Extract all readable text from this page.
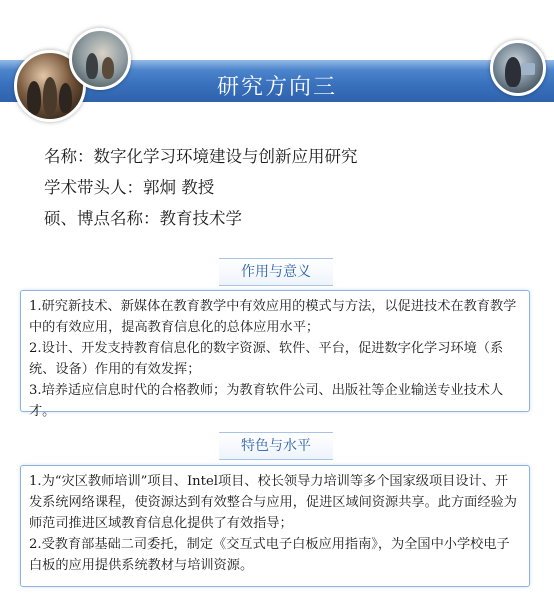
研究方向三
名称：数字化学习环境建设与创新应用研究
学术带头人：郭炯 教授
硕、博点名称：教育技术学
作用与意义

1.研究新技术、新媒体在教育教学中有效应用的模式与方法，以促进技术在教育教学中的有效应用，提高教育信息化的总体应用水平；

2.设计、开发支持教育信息化的数字资源、软件、平台，促进数字化学习环境（系统、设备）作用的有效发挥；

3.培养适应信息时代的合格教师；为教育软件公司、出版社等企业输送专业技术人才。

特色与水平

1.为“灾区教师培训”项目、Intel项目、校长领导力培训等多个国家级项目设计、开发系统网络课程，使资源达到有效整合与应用，促进区域间资源共享。此方面经验为师范司推进区域教育信息化提供了有效指导；

2.受教育部基础二司委托，制定《交互式电子白板应用指南》，为全国中小学校电子白板的应用提供系统教材与培训资源。
